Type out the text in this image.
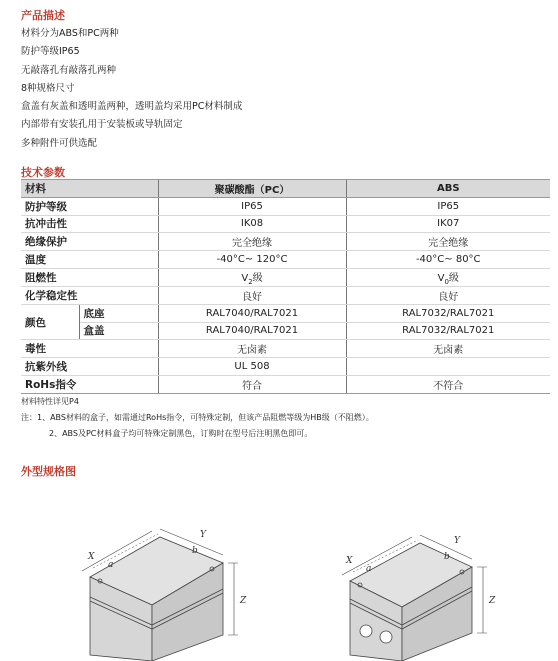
产品描述
材料分为ABS和PC两种
防护等级IP65
无敲落孔有敲落孔两种
8种规格尺寸
盒盖有灰盖和透明盖两种，透明盖均采用PC材料制成
内部带有安装孔用于安装板或导轨固定
多种附件可供选配
技术参数
材料		聚碳酸酯（PC）	ABS
防护等级		IP65	IP65
抗冲击性		IK08	IK07
绝缘保护		完全绝缘	完全绝缘
温度		-40°C~ 120°C	-40°C~ 80°C
阻燃性		$V_2$级	$V_0$级
化学稳定性		良好	良好
颜色	底座	RAL7040/RAL7021	RAL7032/RAL7021
	盒盖	RAL7040/RAL7021	RAL7032/RAL7021
毒性		无卤素	无卤素
抗紫外线		UL 508	
RoHs指令		符合	不符合
材料特性详见P4
注：1、ABS材料的盒子，如需通过RoHs指令，可特殊定制，但该产品阻燃等级为HB级（不阻燃）。
2、ABS及PC材料盒子均可特殊定制黑色，订购时在型号后注明黑色即可。
外型规格图
X
a
Y
b
Z
X
a
Y
b
Z
